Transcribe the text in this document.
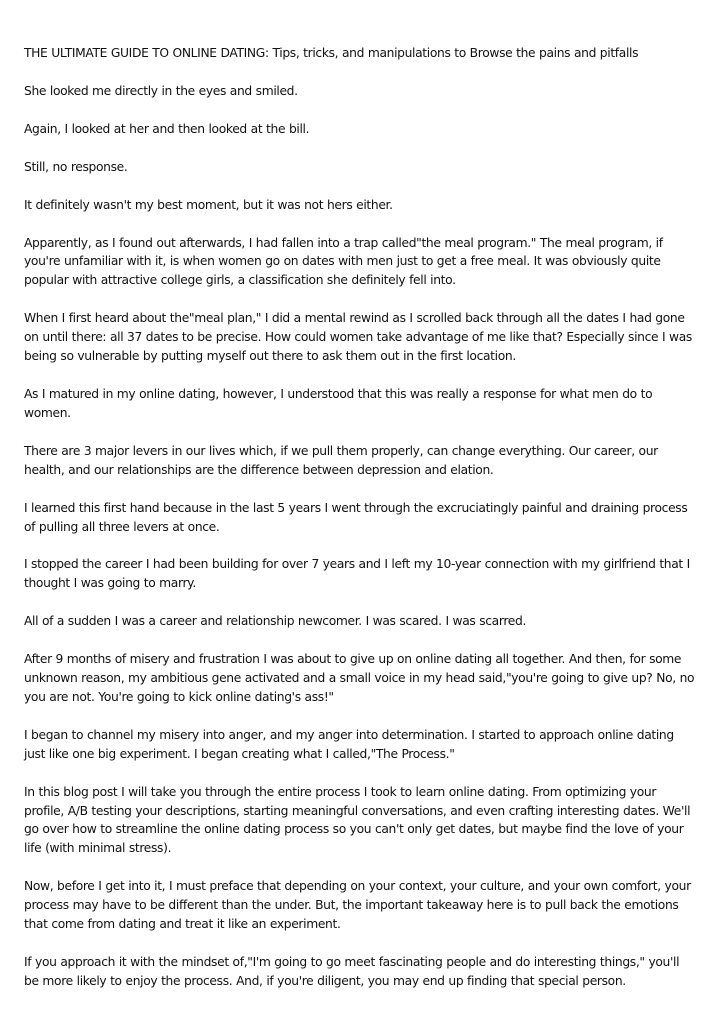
THE ULTIMATE GUIDE TO ONLINE DATING: Tips, tricks, and manipulations to Browse the pains and pitfalls

She looked me directly in the eyes and smiled.

Again, I looked at her and then looked at the bill.

Still, no response.

It definitely wasn't my best moment, but it was not hers either.

Apparently, as I found out afterwards, I had fallen into a trap called"the meal program." The meal program, if you're unfamiliar with it, is when women go on dates with men just to get a free meal. It was obviously quite popular with attractive college girls, a classification she definitely fell into.

When I first heard about the"meal plan," I did a mental rewind as I scrolled back through all the dates I had gone on until there: all 37 dates to be precise. How could women take advantage of me like that? Especially since I was being so vulnerable by putting myself out there to ask them out in the first location.

As I matured in my online dating, however, I understood that this was really a response for what men do to women.

There are 3 major levers in our lives which, if we pull them properly, can change everything. Our career, our health, and our relationships are the difference between depression and elation.

I learned this first hand because in the last 5 years I went through the excruciatingly painful and draining process of pulling all three levers at once.

I stopped the career I had been building for over 7 years and I left my 10-year connection with my girlfriend that I thought I was going to marry.

All of a sudden I was a career and relationship newcomer. I was scared. I was scarred.

After 9 months of misery and frustration I was about to give up on online dating all together. And then, for some unknown reason, my ambitious gene activated and a small voice in my head said,"you're going to give up? No, no you are not. You're going to kick online dating's ass!"

I began to channel my misery into anger, and my anger into determination. I started to approach online dating just like one big experiment. I began creating what I called,"The Process."

In this blog post I will take you through the entire process I took to learn online dating. From optimizing your profile, A/B testing your descriptions, starting meaningful conversations, and even crafting interesting dates. We'll go over how to streamline the online dating process so you can't only get dates, but maybe find the love of your life (with minimal stress).

Now, before I get into it, I must preface that depending on your context, your culture, and your own comfort, your process may have to be different than the under. But, the important takeaway here is to pull back the emotions that come from dating and treat it like an experiment.

If you approach it with the mindset of,"I'm going to go meet fascinating people and do interesting things," you'll be more likely to enjoy the process. And, if you're diligent, you may end up finding that special person.
